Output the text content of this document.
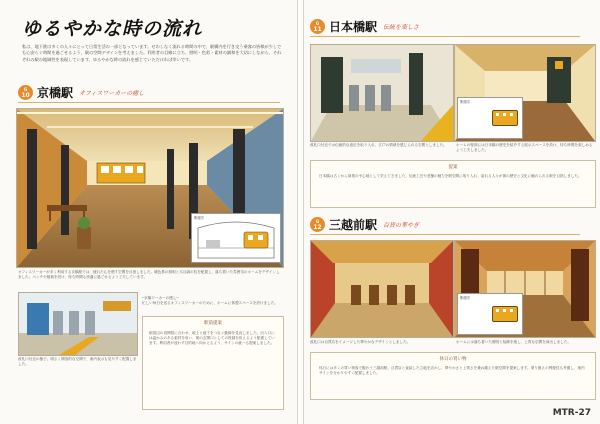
ゆるやかな時の流れ
私は、地下鉄は多くの人々にとって日常生活の一部となっています。せわしなく流れる時間の中で、駅構内を行き交う乗客の皆様が少しでも心安らぐ時間を過ごせるよう、駅の空間デザインを考えました。利用者の目線に立ち、照明・色彩・素材の調和を大切にしながら、それぞれの駅の地域性を表現しています。ゆるやかな時の流れを感じていただければ幸いです。
G
10 京橋駅 オフィスワーカーの癒し
断面図
オフィスワーカーが多く利用する京橋駅では、疲れた心を癒す空間を目指しました。暖色系の照明と木目調の柱を配置し、落ち着いた雰囲気のホームをデザインしました。ベンチや植栽を設け、待ち時間も快適に過ごせるよう工夫しています。
─京橋ワーカーの癒し─
忙しい毎日を送るオフィスワーカーのために、ホームに休憩スペースを設けました。
改札口付近の様子。明るく開放的な空間で、案内表示も見やすく配置しました。
駅前提案
駅周辺の再開発に合わせ、地上と地下をつなぐ動線を見直しました。出入口には温かみのある素材を用い、街の玄関口としての役割を担えるよう配慮しています。利用者が迷わず目的地へ向かえるよう、サインの統一も提案しました。
G
11 日本橋駅 伝統を楽しさ
断面図
改札口付近では伝統的な意匠を取り入れ、江戸の情緒を感じられる空間としました。	ホームの壁面には日本橋の歴史を紹介する展示スペースを設け、待ち時間を楽しめるよう工夫しました。
提案
日本橋は古くから商業の中心地として栄えてきました。伝統工芸や老舗の魅力を駅空間に取り入れ、訪れる人々が街の歴史と文化に触れられる駅を目指しました。
G
12 三越前駅 百貨の華やぎ
断面図
改札口は百貨店をイメージした華やかなデザインとしました。	ホームには落ち着いた照明と装飾を施し、上質な空間を演出しました。
休日の買い物
休日には多くの買い物客で賑わう三越前駅。百貨店と直結した立地を活かし、華やかさと上質さを兼ね備えた駅空間を提案します。乗り換えの利便性も考慮し、案内サインを分かりやすく配置しました。
MTR-27
